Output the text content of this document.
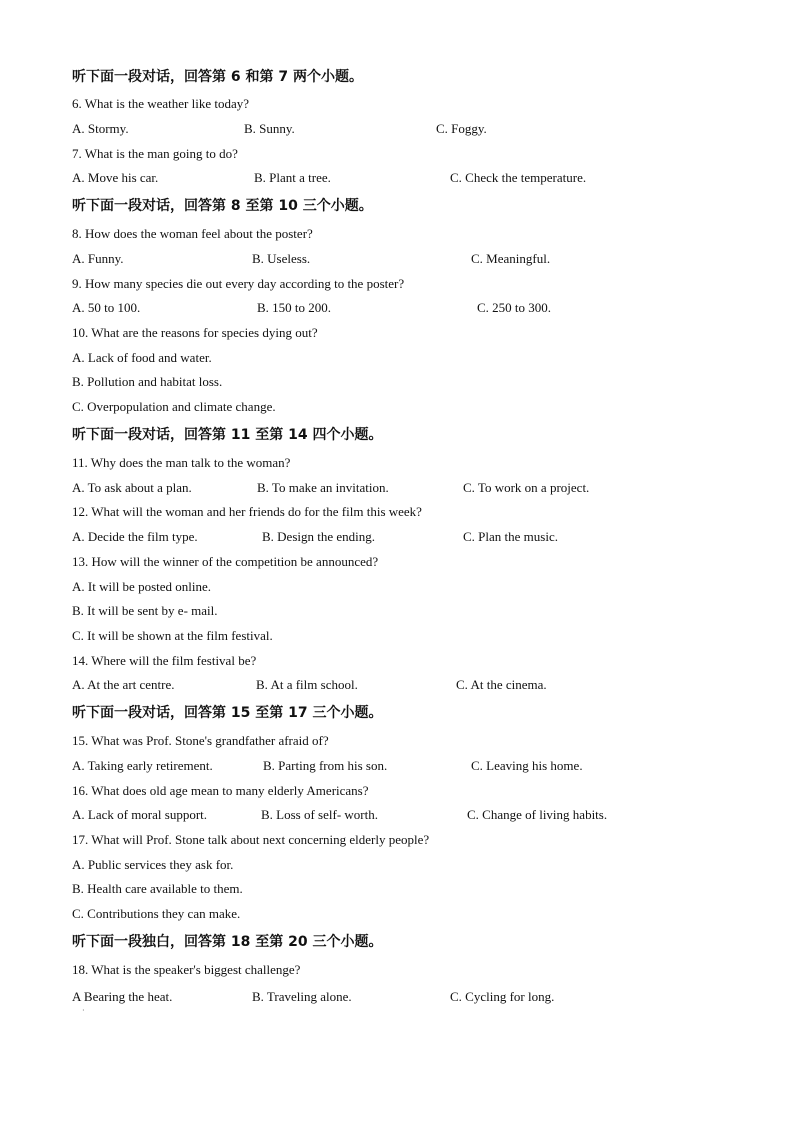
听下面一段对话，回答第 6 和第 7 两个小题。
6. What is the weather like today?
A. Stormy.	B. Sunny.	C. Foggy.
7. What is the man going to do?
A. Move his car.	B. Plant a tree.	C. Check the temperature.
听下面一段对话，回答第 8 至第 10 三个小题。
8. How does the woman feel about the poster?
A. Funny.	B. Useless.	C. Meaningful.
9. How many species die out every day according to the poster?
A. 50 to 100.	B. 150 to 200.	C. 250 to 300.
10. What are the reasons for species dying out?
A. Lack of food and water.
B. Pollution and habitat loss.
C. Overpopulation and climate change.
听下面一段对话，回答第 11 至第 14 四个小题。
11. Why does the man talk to the woman?
A. To ask about a plan.	B. To make an invitation.	C. To work on a project.
12. What will the woman and her friends do for the film this week?
A. Decide the film type.	B. Design the ending.	C. Plan the music.
13. How will the winner of the competition be announced?
A. It will be posted online.
B. It will be sent by e- mail.
C. It will be shown at the film festival.
14. Where will the film festival be?
A. At the art centre.	B. At a film school.	C. At the cinema.
听下面一段对话，回答第 15 至第 17 三个小题。
15. What was Prof. Stone's grandfather afraid of?
A. Taking early retirement.	B. Parting from his son.	C. Leaving his home.
16. What does old age mean to many elderly Americans?
A. Lack of moral support.	B. Loss of self- worth.	C. Change of living habits.
17. What will Prof. Stone talk about next concerning elderly people?
A. Public services they ask for.
B. Health care available to them.
C. Contributions they can make.
听下面一段独白，回答第 18 至第 20 三个小题。
18. What is the speaker's biggest challenge?
A Bearing the heat.	B. Traveling alone.	C. Cycling for long.
·
